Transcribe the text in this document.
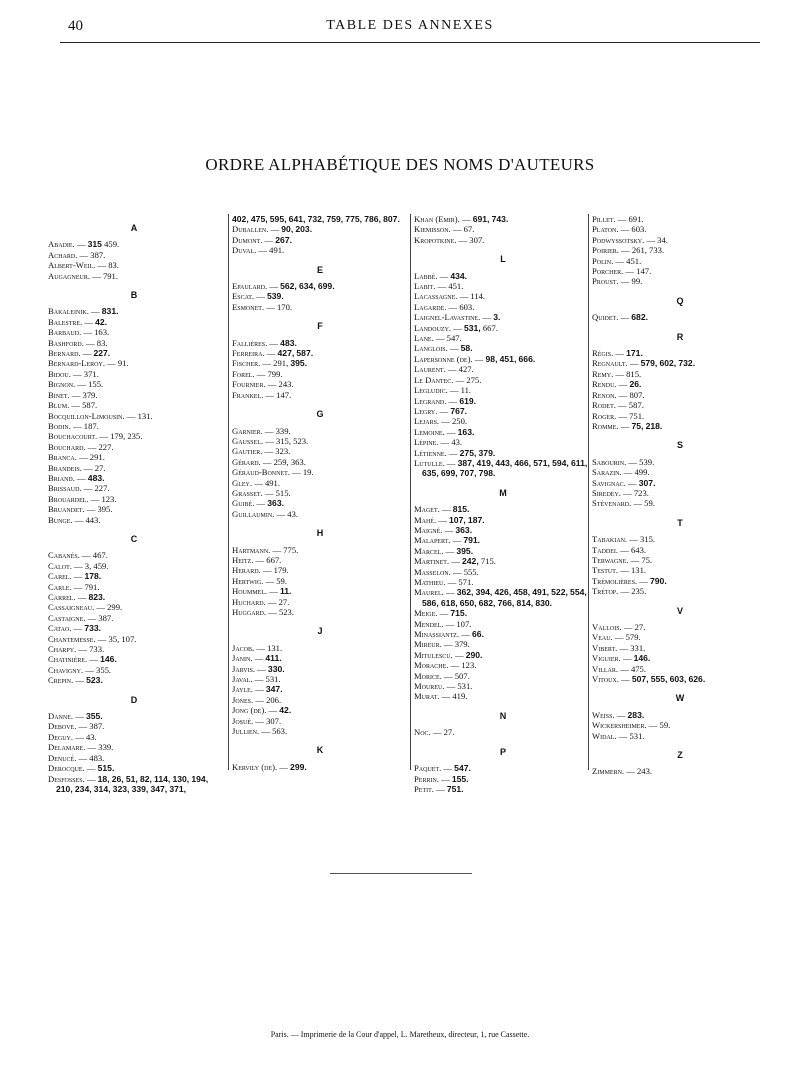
40	TABLE DES ANNEXES
ORDRE ALPHABÉTIQUE DES NOMS D'AUTEURS
A
Abadie. — 315 459.
Achard. — 387.
Albert-Weil. — 83.
Augagneur. — 791.
B
Bakaleinik. — 831.
Balestre. — 42.
Barbaud. — 163.
Bashford. — 83.
Bernard. — 227.
Bernard-Leroy. — 91.
Bidou. — 371.
Bignon. — 155.
Binet. — 379.
Blum. — 587.
Bocquillon-Limousin. — 131.
Bodin. — 187.
Bouchacourt. — 179, 235.
Bouchard. — 227.
Branca. — 291.
Brandeis. — 27.
Briand. — 483.
Brissaud. — 227.
Brouardel. — 123.
Bruandet. — 395.
Bunge. — 443.
C
Cabanès. — 467.
Calot. — 3, 459.
Carel. — 178.
Carle. — 791.
Carrel. — 823.
Cassaigneau. — 299.
Castaigne. — 387.
Catao. — 733.
Chantemesse. — 35, 107.
Charpy. — 733.
Chatinière. — 146.
Chavigny. — 355.
Crepin. — 523.
D
Danne. — 355.
Debove. — 387.
Deguy. — 43.
Delamare. — 339.
Denucé. — 483.
Derocque. — 515.
Desfosses. — 18, 26, 51, 82, 114, 130, 194, 210, 234, 314, 323, 339, 347, 371,
402, 475, 595, 641, 732, 759, 775, 786, 807.
Duballen. — 90, 203.
Dumont. — 267.
Duval. — 491.
E
Epaulard. — 562, 634, 699.
Escat. — 539.
Esmonet. — 170.
F
Fallières. — 483.
Ferreira. — 427, 587.
Fischer. — 291, 395.
Forel. — 799.
Fournier. — 243.
Frankel. — 147.
G
Garnier. — 339.
Gaussel. — 315, 523.
Gautier. — 323.
Gérard. — 259, 363.
Géraud-Bonnet. — 19.
Gley. — 491.
Grasset. — 515.
Guibé. — 363.
Guillaumin. — 43.
H
Hartmann. — 775.
Heitz. — 667.
Herard. — 179.
Hertwig. — 59.
Hoummel. — 11.
Huchard. — 27.
Huggard. — 523.
J
Jacob. — 131.
Janin. — 411.
Jarvis. — 330.
Javal. — 531.
Jayle. — 347.
Jones. — 206.
Jong (de). — 42.
Josué. — 307.
Jullien. — 563.
K
Kervily (de). — 299.
Khan (Emir). — 691, 743.
Kiemisson. — 67.
Kropotkine. — 307.
L
Labbé. — 434.
Labit. — 451.
Lacassagne. — 114.
Lagarde. — 603.
Laignel-Lavastine. — 3.
Landouzy. — 531, 667.
Lane. — 547.
Langlois. — 58.
Lapersonne (de). — 98, 451, 666.
Laurent. — 427.
Le Dantec. — 275.
Legludic. — 11.
Legrand. — 619.
Legry. — 767.
Lejars. — 250.
Lemoine. — 163.
Lépine. — 43.
Létienne. — 275, 379.
Lutulle. — 387, 419, 443, 466, 571, 594, 611, 635, 699, 707, 798.
M
Maget. — 815.
Mahé. — 107, 187.
Maigné. — 363.
Malapert. — 791.
Marcel. — 395.
Martinet. — 242, 715.
Masselon. — 555.
Mathieu. — 571.
Maurel. — 362, 394, 426, 458, 491, 522, 554, 586, 618, 650, 682, 766, 814, 830.
Meige. — 715.
Mendel. — 107.
Minassiantz. — 66.
Mireur. — 379.
Mitulescu. — 290.
Morache. — 123.
Morice. — 507.
Moureu. — 531.
Murat. — 419.
N
Noc. — 27.
P
Paquet. — 547.
Perrin. — 155.
Petit. — 751.
Pillet. — 691.
Platon. — 603.
Podwyssotsky. — 34.
Poirier. — 261, 733.
Polin. — 451.
Porcher. — 147.
Proust. — 99.
Q
Quidet. — 682.
R
Régis. — 171.
Regnault. — 579, 602, 732.
Remy. — 815.
Rendu. — 26.
Renon. — 807.
Rodet. — 587.
Roger. — 751.
Romme. — 75, 218.
S
Sabourin. — 539.
Sarazin. — 499.
Savignac. — 307.
Siredey. — 723.
Stévenard. — 59.
T
Tabakian. — 315.
Taddei. — 643.
Terwagne. — 75.
Testut. — 131.
Trémolières. — 790.
Trétop. — 235.
V
Vallois. — 27.
Veau. — 579.
Vibert. — 331.
Viguier. — 146.
Villar. — 475.
Vitoux. — 507, 555, 603, 626.
W
Weiss. — 283.
Wickersheimer. — 59.
Widal. — 531.
Z
Zimmern. — 243.
Paris. — Imprimerie de la Cour d'appel, L. Maretheux, directeur, 1, rue Cassette.
